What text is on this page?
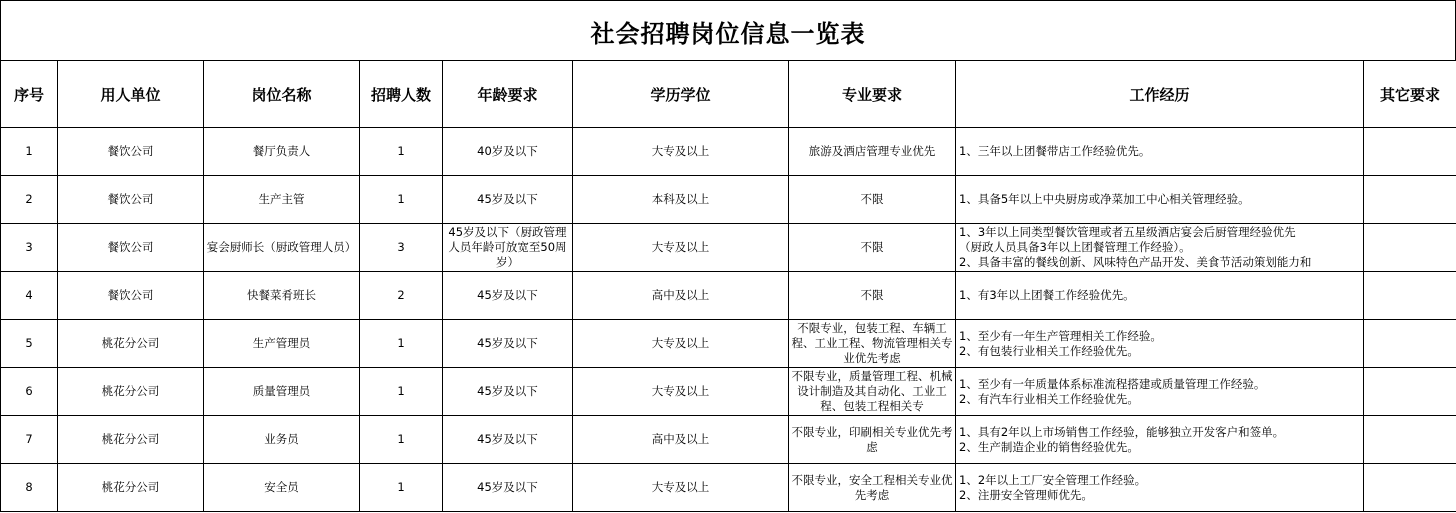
社会招聘岗位信息一览表
序号	用人单位	岗位名称	招聘人数	年龄要求	学历学位	专业要求	工作经历	其它要求

1	餐饮公司	餐厅负责人	1	40岁及以下	大专及以上	旅游及酒店管理专业优先	1、三年以上团餐带店工作经验优先。	

2	餐饮公司	生产主管	1	45岁及以下	本科及以上	不限	1、具备5年以上中央厨房或净菜加工中心相关管理经验。	

3	餐饮公司	宴会厨师长（厨政管理人员）	3	45岁及以下（厨政管理人员年龄可放宽至50周岁）	大专及以上	不限	1、3年以上同类型餐饮管理或者五星级酒店宴会后厨管理经验优先
（厨政人员具备3年以上团餐管理工作经验）。
2、具备丰富的餐线创新、风味特色产品开发、美食节活动策划能力和	

4	餐饮公司	快餐菜肴班长	2	45岁及以下	高中及以上	不限	1、有3年以上团餐工作经验优先。	

5	桃花分公司	生产管理员	1	45岁及以下	大专及以上	不限专业，包装工程、车辆工程、工业工程、物流管理相关专业优先考虑	1、至少有一年生产管理相关工作经验。
2、有包装行业相关工作经验优先。	

6	桃花分公司	质量管理员	1	45岁及以下	大专及以上	不限专业，质量管理工程、机械设计制造及其自动化、工业工程、包装工程相关专	1、至少有一年质量体系标准流程搭建或质量管理工作经验。
2、有汽车行业相关工作经验优先。	

7	桃花分公司	业务员	1	45岁及以下	高中及以上	不限专业，印刷相关专业优先考虑	1、具有2年以上市场销售工作经验，能够独立开发客户和签单。
2、生产制造企业的销售经验优先。	

8	桃花分公司	安全员	1	45岁及以下	大专及以上	不限专业，安全工程相关专业优先考虑	1、2年以上工厂安全管理工作经验。
2、注册安全管理师优先。	
